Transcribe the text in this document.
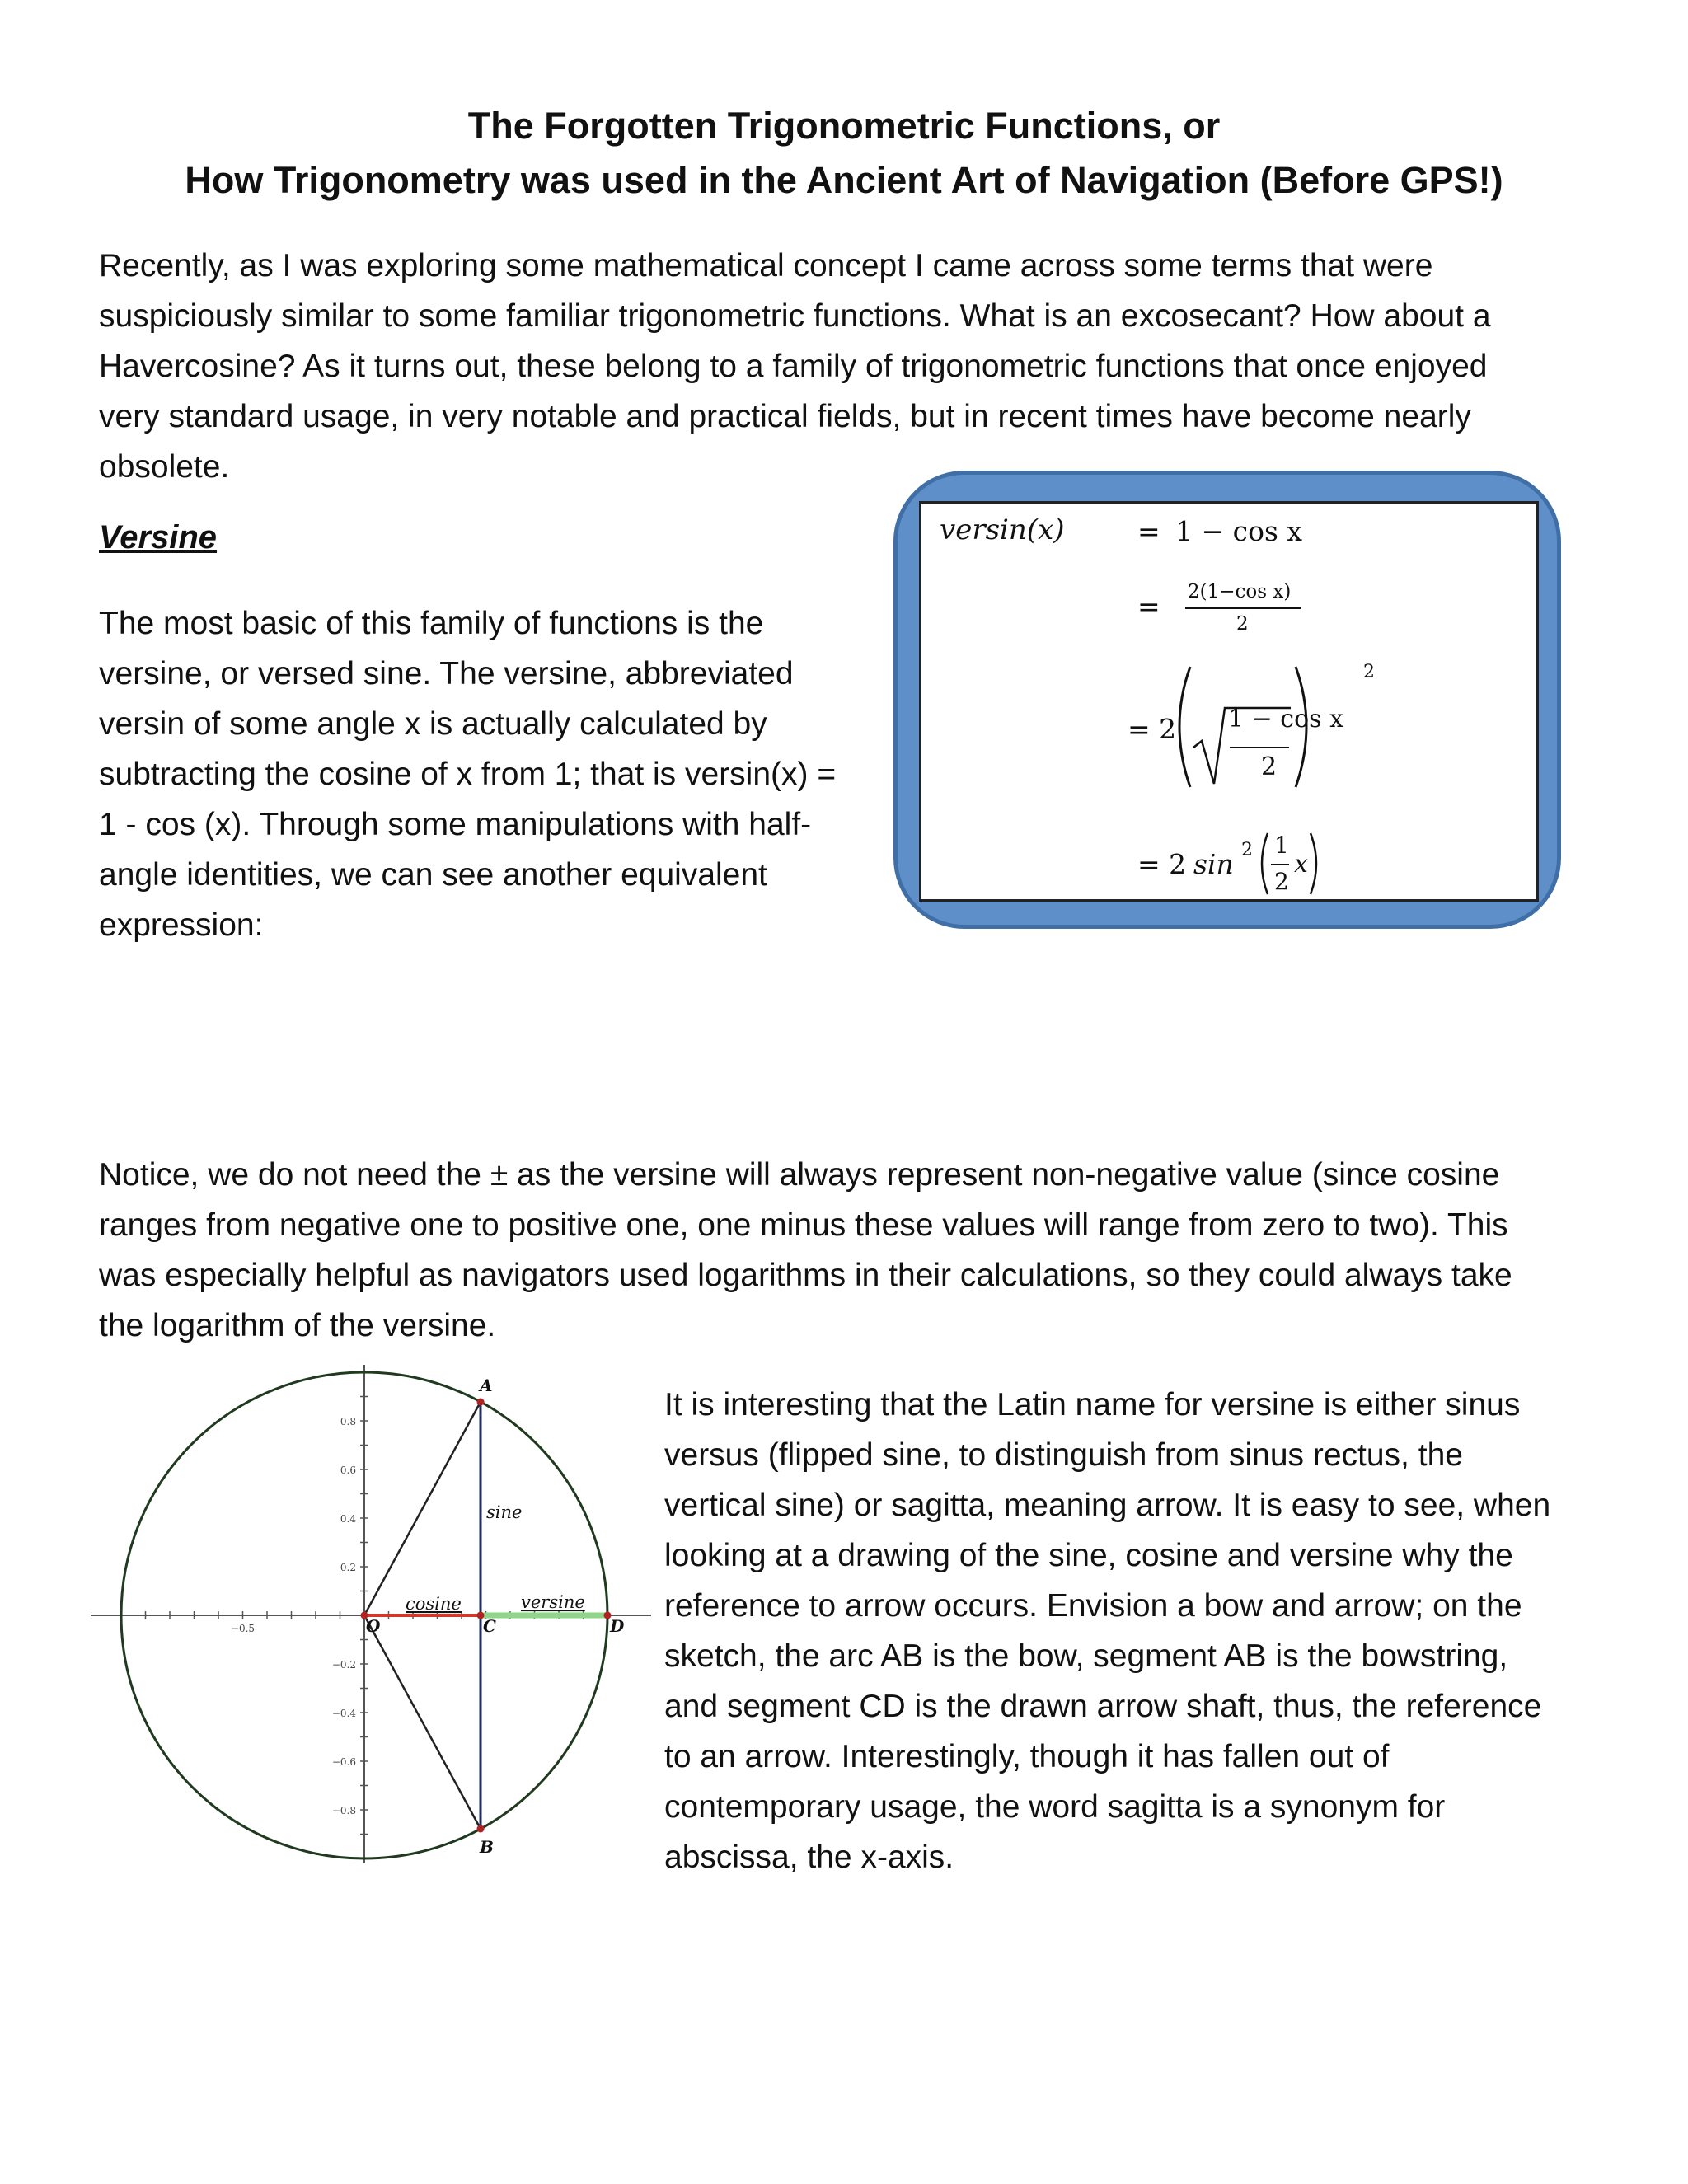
The Forgotten Trigonometric Functions, or
How Trigonometry was used in the Ancient Art of Navigation (Before GPS!)
Recently, as I was exploring some mathematical concept I came across some terms that were
suspiciously similar to some familiar trigonometric functions. What is an excosecant? How about a
Havercosine? As it turns out, these belong to a family of trigonometric functions that once enjoyed
very standard usage, in very notable and practical fields, but in recent times have become nearly
obsolete.
Versine
The most basic of this family of functions is the
versine, or versed sine. The versine, abbreviated
versin of some angle x is actually calculated by
subtracting the cosine of x from 1; that is versin(x) =
1 - cos (x). Through some manipulations with half-
angle identities, we can see another equivalent
expression:
versin(x)	= 1 − cos x
= 2(1−cos x)
2
= 2 1 − cos x
2
2
= 2 sin 2 1
2
x
Notice, we do not need the ± as the versine will always represent non-negative value (since cosine
ranges from negative one to positive one, one minus these values will range from zero to two). This
was especially helpful as navigators used logarithms in their calculations, so they could always take
the logarithm of the versine.
0.8
0.6
0.4
0.2
−0.2
−0.4
−0.6
−0.8
−0.5
A
B
C	D
O
sine
cosine	versine
It is interesting that the Latin name for versine is either sinus
versus (flipped sine, to distinguish from sinus rectus, the
vertical sine) or sagitta, meaning arrow. It is easy to see, when
looking at a drawing of the sine, cosine and versine why the
reference to arrow occurs. Envision a bow and arrow; on the
sketch, the arc AB is the bow, segment AB is the bowstring,
and segment CD is the drawn arrow shaft, thus, the reference
to an arrow. Interestingly, though it has fallen out of
contemporary usage, the word sagitta is a synonym for
abscissa, the x-axis.
